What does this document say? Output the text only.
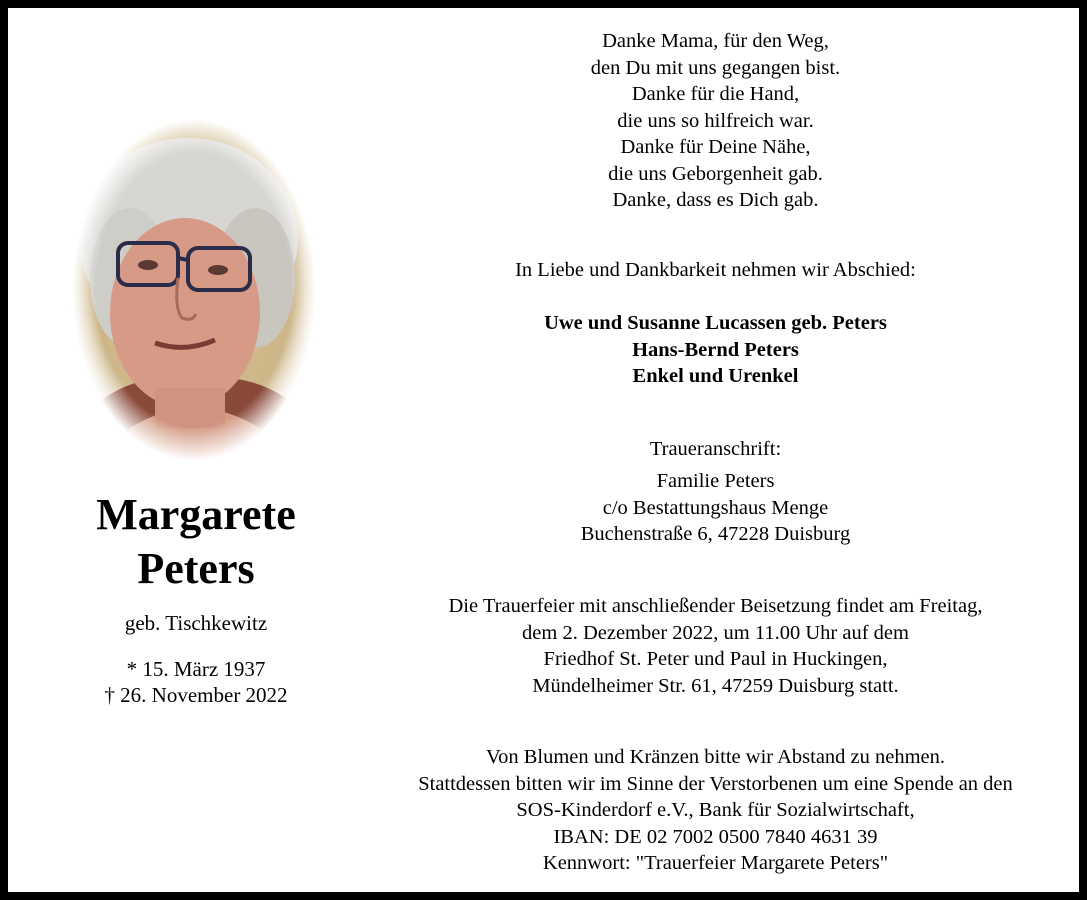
Margarete
Peters
geb. Tischkewitz
* 15. März 1937
† 26. November 2022
Danke Mama, für den Weg,
den Du mit uns gegangen bist.
Danke für die Hand,
die uns so hilfreich war.
Danke für Deine Nähe,
die uns Geborgenheit gab.
Danke, dass es Dich gab.
In Liebe und Dankbarkeit nehmen wir Abschied:
Uwe und Susanne Lucassen geb. Peters
Hans-Bernd Peters
Enkel und Urenkel
Traueranschrift:
Familie Peters
c/o Bestattungshaus Menge
Buchenstraße 6, 47228 Duisburg
Die Trauerfeier mit anschließender Beisetzung findet am Freitag,
dem 2. Dezember 2022, um 11.00 Uhr auf dem
Friedhof St. Peter und Paul in Huckingen,
Mündelheimer Str. 61, 47259 Duisburg statt.
Von Blumen und Kränzen bitte wir Abstand zu nehmen.
Stattdessen bitten wir im Sinne der Verstorbenen um eine Spende an den
SOS-Kinderdorf e.V., Bank für Sozialwirtschaft,
IBAN: DE 02 7002 0500 7840 4631 39
Kennwort: "Trauerfeier Margarete Peters"
